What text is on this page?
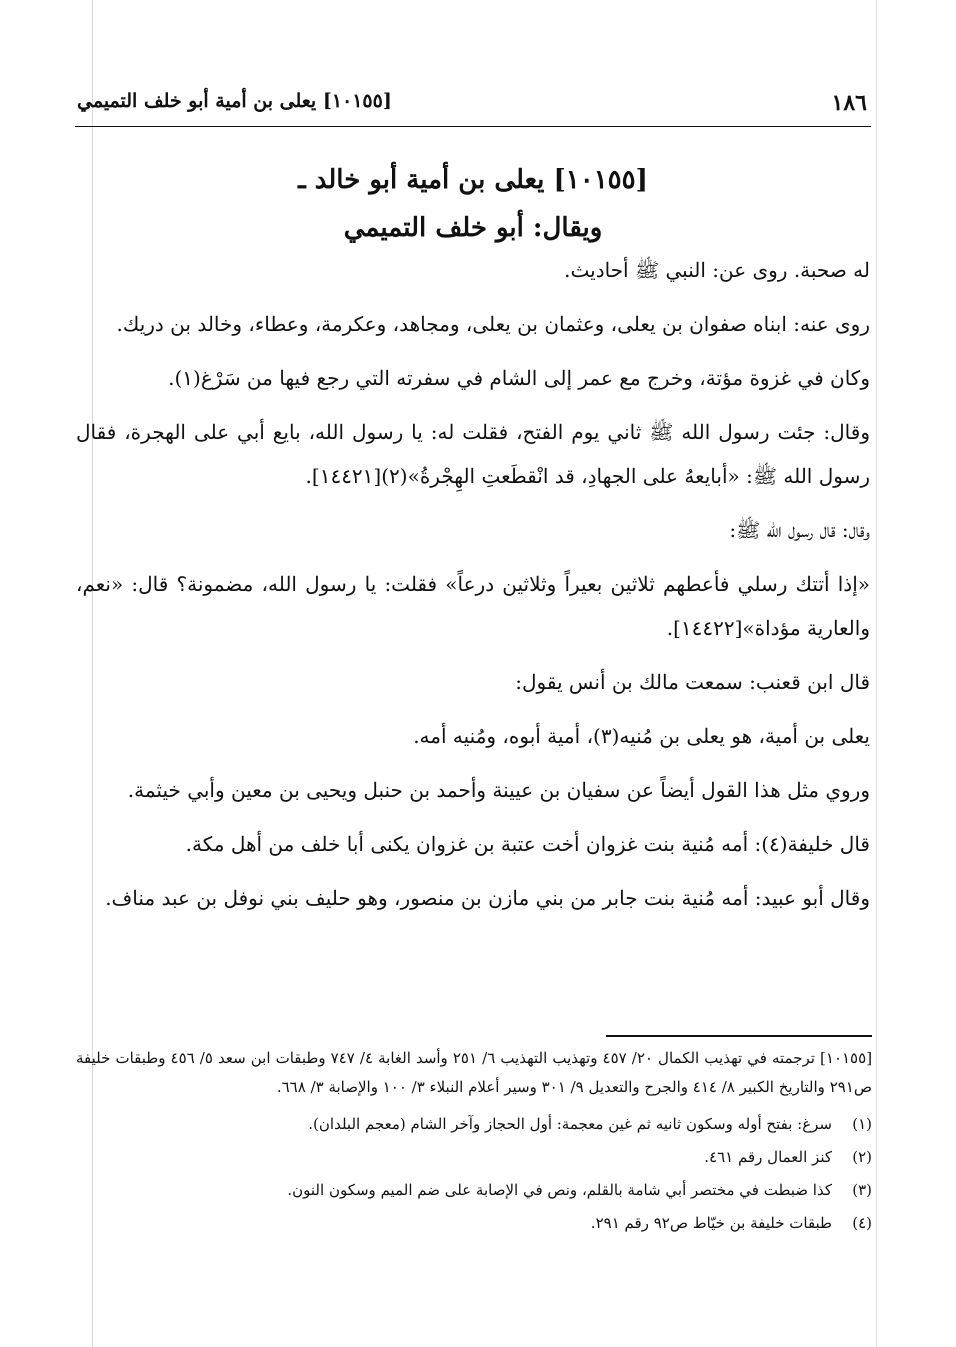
١٨٦
[١٠١٥٥] يعلى بن أمية أبو خلف التميمي
[١٠١٥٥] يعلى بن أمية أبو خالد ـ
ويقال: أبو خلف التميمي

له صحبة. روى عن: النبي ﷺ أحاديث.

روى عنه: ابناه صفوان بن يعلى، وعثمان بن يعلى، ومجاهد، وعكرمة، وعطاء، وخالد بن دريك.

وكان في غزوة مؤتة، وخرج مع عمر إلى الشام في سفرته التي رجع فيها من سَرْغ(١).

وقال: جئت رسول الله ﷺ ثاني يوم الفتح، فقلت له: يا رسول الله، بايع أبي على الهجرة، فقال رسول الله ﷺ: «أبايعهُ على الجهادِ، قد انْقطَعتِ الهِجْرةُ»(٢)[١٤٤٢١].

وقال: قال رسول الله ﷺ:

«إذا أتتك رسلي فأعطهم ثلاثين بعيراً وثلاثين درعاً» فقلت: يا رسول الله، مضمونة؟ قال: «نعم، والعارية مؤداة»[١٤٤٢٢].

قال ابن قعنب: سمعت مالك بن أنس يقول:

يعلى بن أمية، هو يعلى بن مُنيه(٣)، أمية أبوه، ومُنيه أمه.

وروي مثل هذا القول أيضاً عن سفيان بن عيينة وأحمد بن حنبل ويحيى بن معين وأبي خيثمة.

قال خليفة(٤): أمه مُنية بنت غزوان أخت عتبة بن غزوان يكنى أبا خلف من أهل مكة.

وقال أبو عبيد: أمه مُنية بنت جابر من بني مازن بن منصور، وهو حليف بني نوفل بن عبد مناف.

[١٠١٥٥] ترجمته في تهذيب الكمال ٢٠/ ٤٥٧ وتهذيب التهذيب ٦/ ٢٥١ وأسد الغابة ٤/ ٧٤٧ وطبقات ابن سعد ٥/ ٤٥٦ وطبقات خليفة ص٢٩١ والتاريخ الكبير ٨/ ٤١٤ والجرح والتعديل ٩/ ٣٠١ وسير أعلام النبلاء ٣/ ١٠٠ والإصابة ٣/ ٦٦٨.
(١)
سرغ: بفتح أوله وسكون ثانيه ثم غين معجمة: أول الحجاز وآخر الشام (معجم البلدان).
(٢)
كنز العمال رقم ٤٦١.
(٣)
كذا ضبطت في مختصر أبي شامة بالقلم، ونص في الإصابة على ضم الميم وسكون النون.
(٤)
طبقات خليفة بن خيّاط ص٩٢ رقم ٢٩١.
